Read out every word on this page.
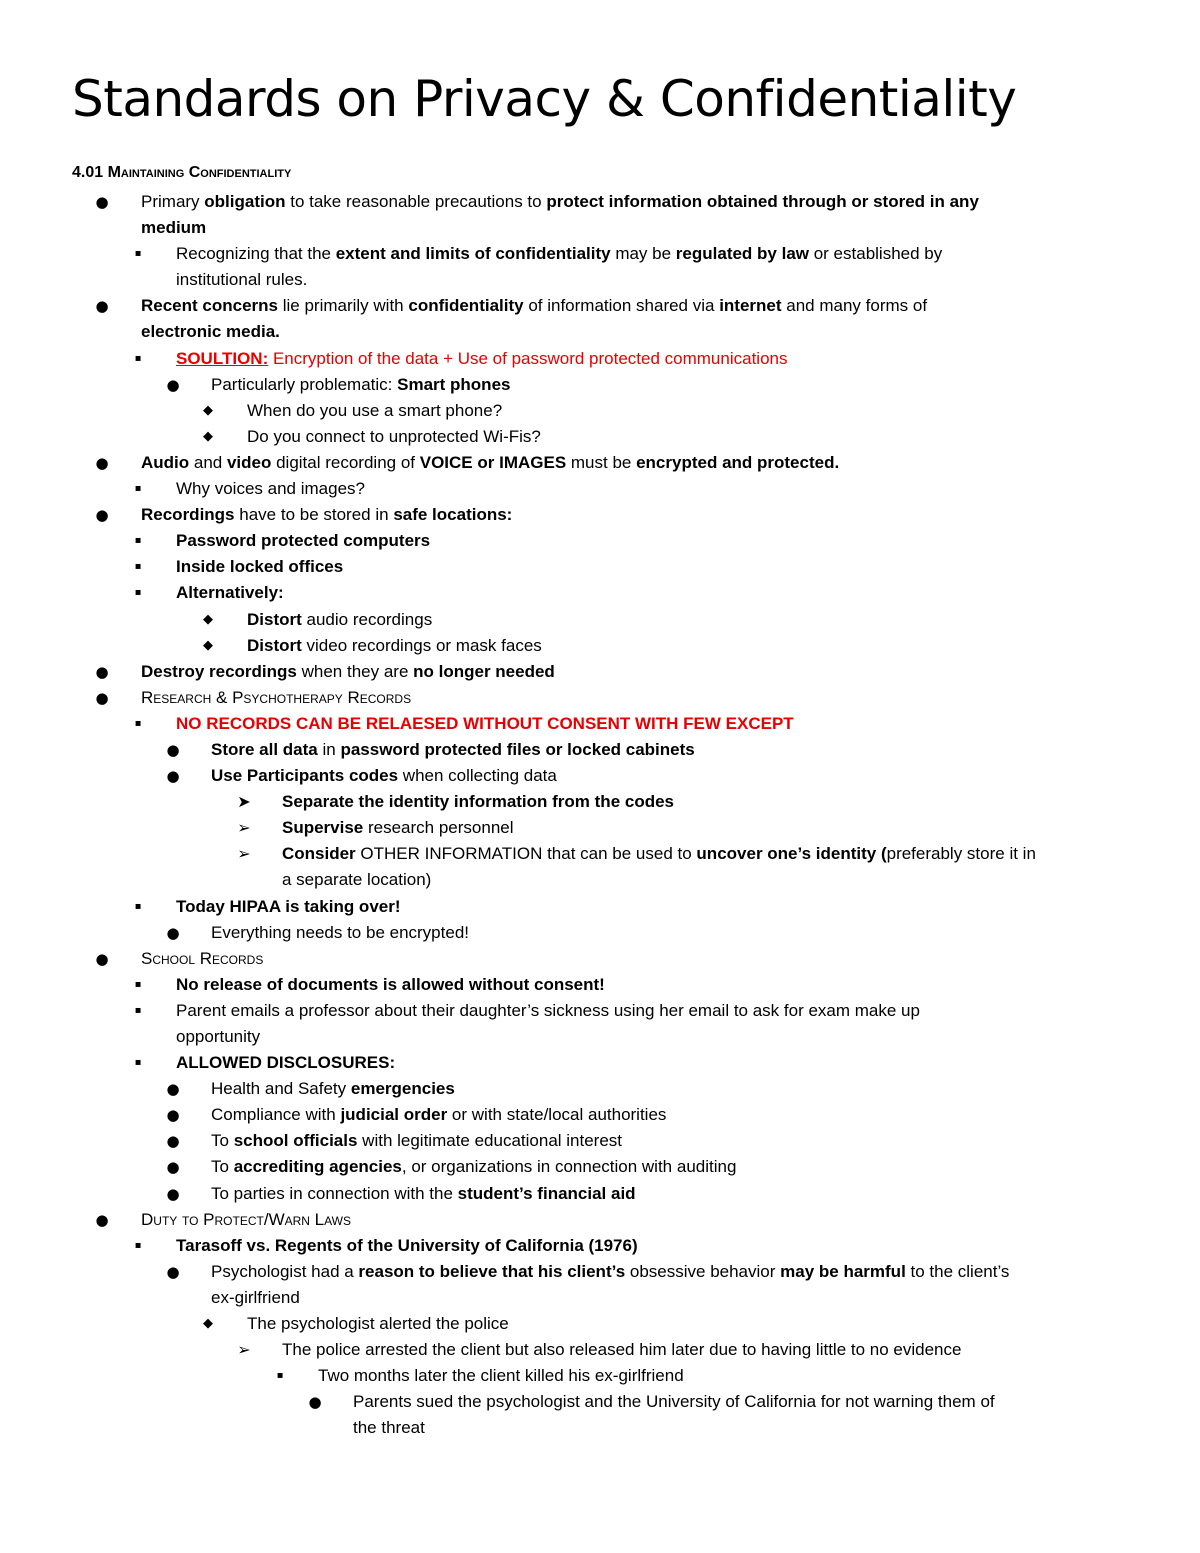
Standards on Privacy & Confidentiality
4.01 Maintaining Confidentiality
● Primary obligation to take reasonable precautions to protect information obtained through or stored in any
medium
▪	Recognizing that the extent and limits of confidentiality may be regulated by law or established by
institutional rules.
● Recent concerns lie primarily with confidentiality of information shared via internet and many forms of
electronic media.
▪	SOULTION: Encryption of the data + Use of password protected communications
● Particularly problematic: Smart phones
◆ When do you use a smart phone?
◆ Do you connect to unprotected Wi-Fis?
● Audio and video digital recording of VOICE or IMAGES must be encrypted and protected.
▪	Why voices and images?
● Recordings have to be stored in safe locations:
▪	Password protected computers
▪	Inside locked offices
▪	Alternatively:
◆ Distort audio recordings
◆ Distort video recordings or mask faces
● Destroy recordings when they are no longer needed
● Research & Psychotherapy Records
▪	NO RECORDS CAN BE RELAESED WITHOUT CONSENT WITH FEW EXCEPT
● Store all data in password protected files or locked cabinets
● Use Participants codes when collecting data
➤ Separate the identity information from the codes
➢ Supervise research personnel
➢ Consider OTHER INFORMATION that can be used to uncover one’s identity (preferably store it in
a separate location)
▪	Today HIPAA is taking over!
● Everything needs to be encrypted!
● School Records
▪	No release of documents is allowed without consent!
▪	Parent emails a professor about their daughter’s sickness using her email to ask for exam make up
opportunity
▪	ALLOWED DISCLOSURES:
● Health and Safety emergencies
● Compliance with judicial order or with state/local authorities
● To school officials with legitimate educational interest
● To accrediting agencies, or organizations in connection with auditing
● To parties in connection with the student’s financial aid
● Duty to Protect/Warn Laws
▪	Tarasoff vs. Regents of the University of California (1976)
● Psychologist had a reason to believe that his client’s obsessive behavior may be harmful to the client’s
ex-girlfriend
◆ The psychologist alerted the police
➢ The police arrested the client but also released him later due to having little to no evidence
▪	Two months later the client killed his ex-girlfriend
● Parents sued the psychologist and the University of California for not warning them of
the threat
